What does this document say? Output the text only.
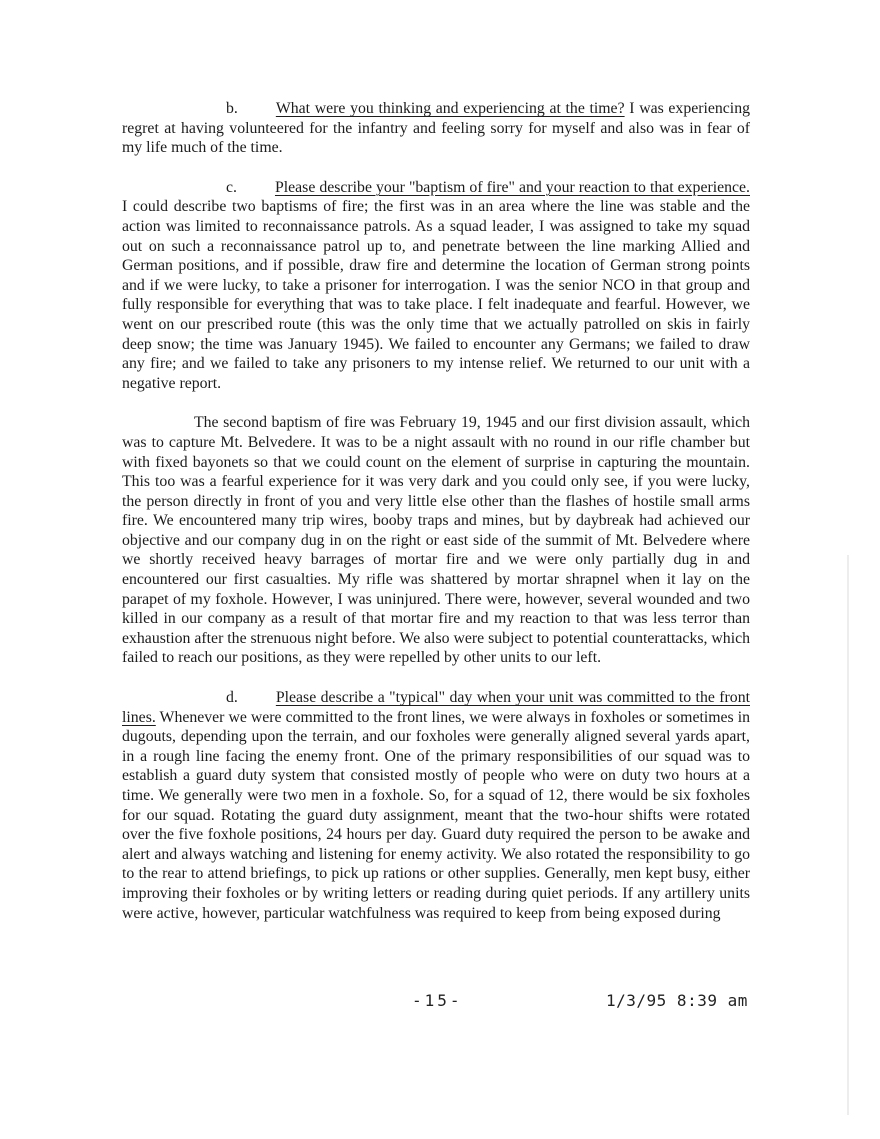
b. What were you thinking and experiencing at the time? I was experiencing regret at having volunteered for the infantry and feeling sorry for myself and also was in fear of my life much of the time.

c. Please describe your "baptism of fire" and your reaction to that experience. I could describe two baptisms of fire; the first was in an area where the line was stable and the action was limited to reconnaissance patrols. As a squad leader, I was assigned to take my squad out on such a reconnaissance patrol up to, and penetrate between the line marking Allied and German positions, and if possible, draw fire and determine the location of German strong points and if we were lucky, to take a prisoner for interrogation. I was the senior NCO in that group and fully responsible for everything that was to take place. I felt inadequate and fearful. However, we went on our prescribed route (this was the only time that we actually patrolled on skis in fairly deep snow; the time was January 1945). We failed to encounter any Germans; we failed to draw any fire; and we failed to take any prisoners to my intense relief. We returned to our unit with a negative report.

The second baptism of fire was February 19, 1945 and our first division assault, which was to capture Mt. Belvedere. It was to be a night assault with no round in our rifle chamber but with fixed bayonets so that we could count on the element of surprise in capturing the mountain. This too was a fearful experience for it was very dark and you could only see, if you were lucky, the person directly in front of you and very little else other than the flashes of hostile small arms fire. We encountered many trip wires, booby traps and mines, but by daybreak had achieved our objective and our company dug in on the right or east side of the summit of Mt. Belvedere where we shortly received heavy barrages of mortar fire and we were only partially dug in and encountered our first casualties. My rifle was shattered by mortar shrapnel when it lay on the parapet of my foxhole. However, I was uninjured. There were, however, several wounded and two killed in our company as a result of that mortar fire and my reaction to that was less terror than exhaustion after the strenuous night before. We also were subject to potential counterattacks, which failed to reach our positions, as they were repelled by other units to our left.

d. Please describe a "typical" day when your unit was committed to the front lines. Whenever we were committed to the front lines, we were always in foxholes or sometimes in dugouts, depending upon the terrain, and our foxholes were generally aligned several yards apart, in a rough line facing the enemy front. One of the primary responsibilities of our squad was to establish a guard duty system that consisted mostly of people who were on duty two hours at a time. We generally were two men in a foxhole. So, for a squad of 12, there would be six foxholes for our squad. Rotating the guard duty assignment, meant that the two-hour shifts were rotated over the five foxhole positions, 24 hours per day. Guard duty required the person to be awake and alert and always watching and listening for enemy activity. We also rotated the responsibility to go to the rear to attend briefings, to pick up rations or other supplies. Generally, men kept busy, either improving their foxholes or by writing letters or reading during quiet periods. If any artillery units were active, however, particular watchfulness was required to keep from being exposed during

-15-	1/3/95 8:39 am
